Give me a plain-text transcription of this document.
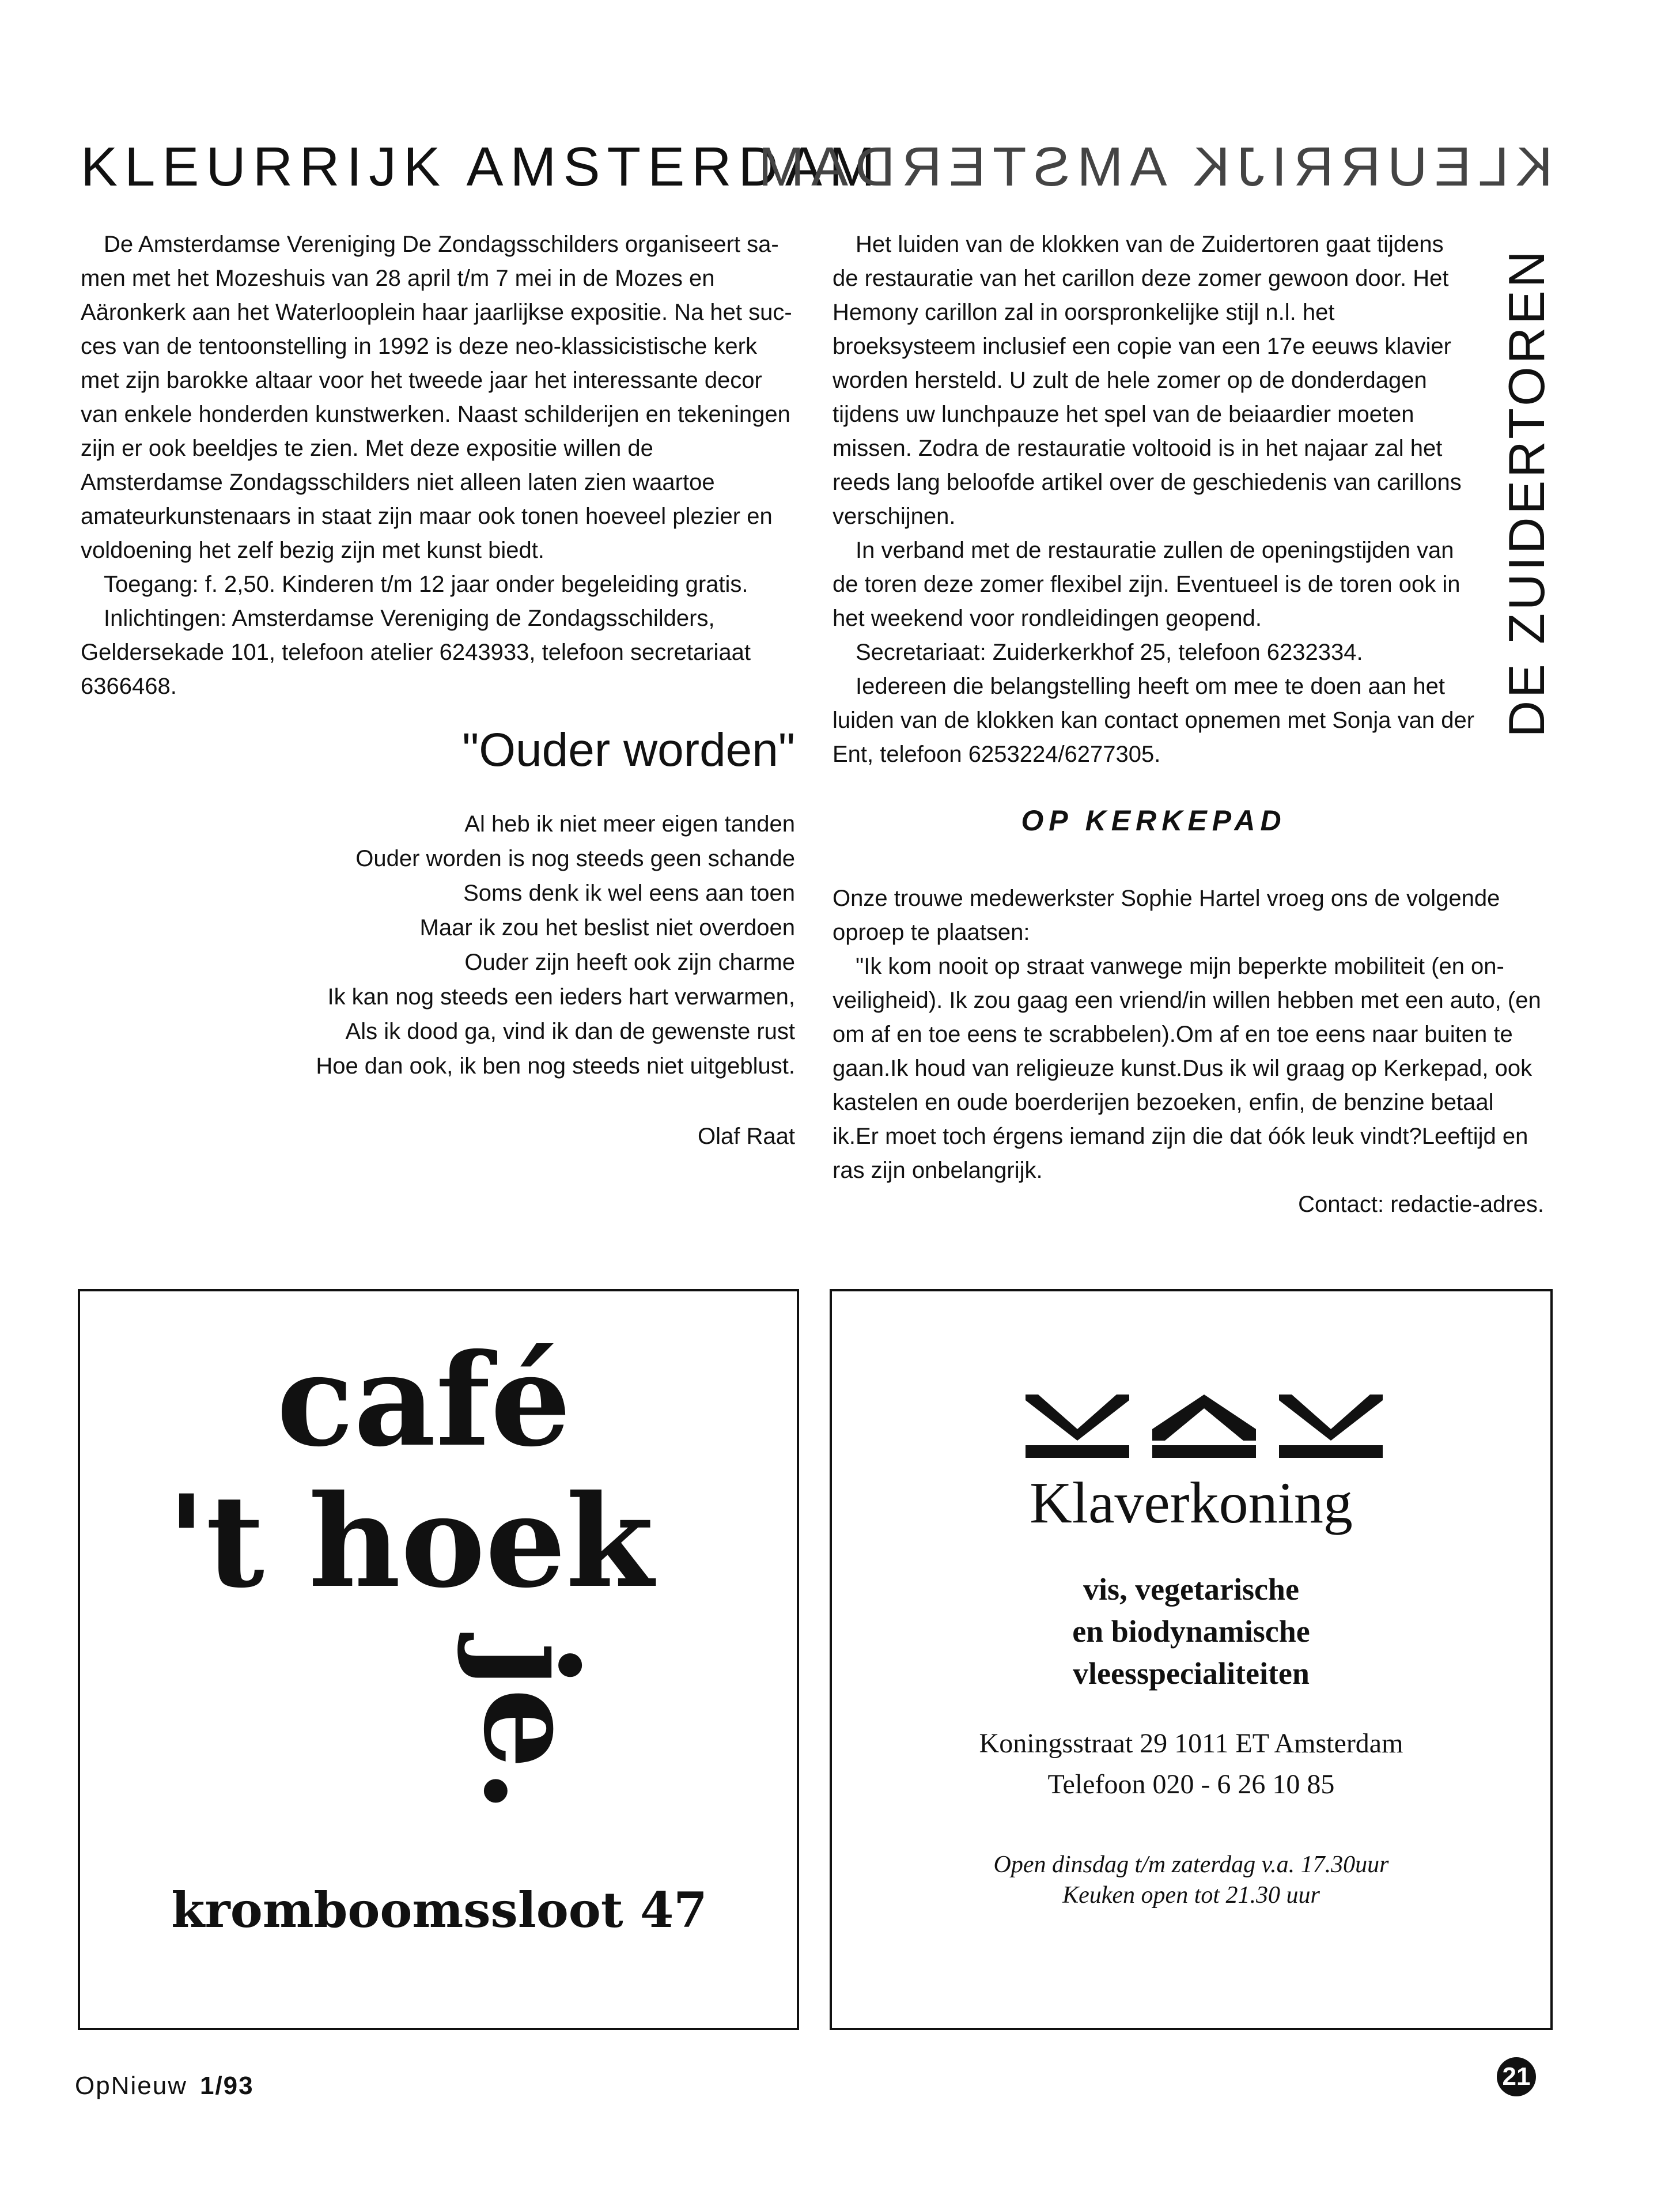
KLEURRIJK AMSTERDAM
KLEURRIJK AMSTERDAM

De Amsterdamse Vereniging De Zondagsschilders organiseert samen met het Mozeshuis van 28 april t/m 7 mei in de Mozes en Aäronkerk aan het Waterlooplein haar jaarlijkse expositie. Na het succes van de tentoonstelling in 1992 is deze neo-klassicistische kerk met zijn barokke altaar voor het tweede jaar het interessante decor van enkele honderden kunstwerken. Naast schilderijen en tekeningen zijn er ook beeldjes te zien. Met deze expositie willen de Amsterdamse Zondagsschilders niet alleen laten zien waartoe amateurkunstenaars in staat zijn maar ook tonen hoeveel plezier en voldoening het zelf bezig zijn met kunst biedt.

Toegang: f. 2,50. Kinderen t/m 12 jaar onder begeleiding gratis.

Inlichtingen: Amsterdamse Vereniging de Zondagsschilders, Geldersekade 101, telefoon atelier 6243933, telefoon secretariaat 6366468.

"Ouder worden"
Al heb ik niet meer eigen tanden
Ouder worden is nog steeds geen schande
Soms denk ik wel eens aan toen
Maar ik zou het beslist niet overdoen
Ouder zijn heeft ook zijn charme
Ik kan nog steeds een ieders hart verwarmen,
Als ik dood ga, vind ik dan de gewenste rust
Hoe dan ook, ik ben nog steeds niet uitgeblust.
Olaf Raat

Het luiden van de klokken van de Zuidertoren gaat tijdens de restauratie van het carillon deze zomer gewoon door. Het Hemony carillon zal in oorspronkelijke stijl n.l. het broeksysteem inclusief een copie van een 17e eeuws klavier worden hersteld. U zult de hele zomer op de donderdagen tijdens uw lunchpauze het spel van de beiaardier moeten missen. Zodra de restauratie voltooid is in het najaar zal het reeds lang beloofde artikel over de geschiedenis van carillons verschijnen.

In verband met de restauratie zullen de openingstijden van de toren deze zomer flexibel zijn. Eventueel is de toren ook in het weekend voor rondleidingen geopend.

Secretariaat: Zuiderkerkhof 25, telefoon 6232334.

Iedereen die belangstelling heeft om mee te doen aan het luiden van de klokken kan contact opnemen met Sonja van der Ent, telefoon 6253224/6277305.

DE ZUIDERTOREN
OP KERKEPAD

Onze trouwe medewerkster Sophie Hartel vroeg ons de volgende oproep te plaatsen:

"Ik kom nooit op straat vanwege mijn beperkte mobiliteit (en onveiligheid). Ik zou gaag een vriend/in willen hebben met een auto, (en om af en toe eens te scrabbelen).Om af en toe eens naar buiten te gaan.Ik houd van religieuze kunst.Dus ik wil graag op Kerkepad, ook kastelen en oude boerderijen bezoeken, enfin, de benzine betaal ik.Er moet toch érgens iemand zijn die dat óók leuk vindt?Leeftijd en ras zijn onbelangrijk.

Contact: redactie-adres.
café
't hoek
je.
kromboomssloot 47
Klaverkoning
vis, vegetarische
en biodynamische
vleesspecialiteiten
Koningsstraat 29 1011 ET Amsterdam
Telefoon 020 - 6 26 10 85
Open dinsdag t/m zaterdag v.a. 17.30uur
Keuken open tot 21.30 uur
OpNieuw 1/93	21
